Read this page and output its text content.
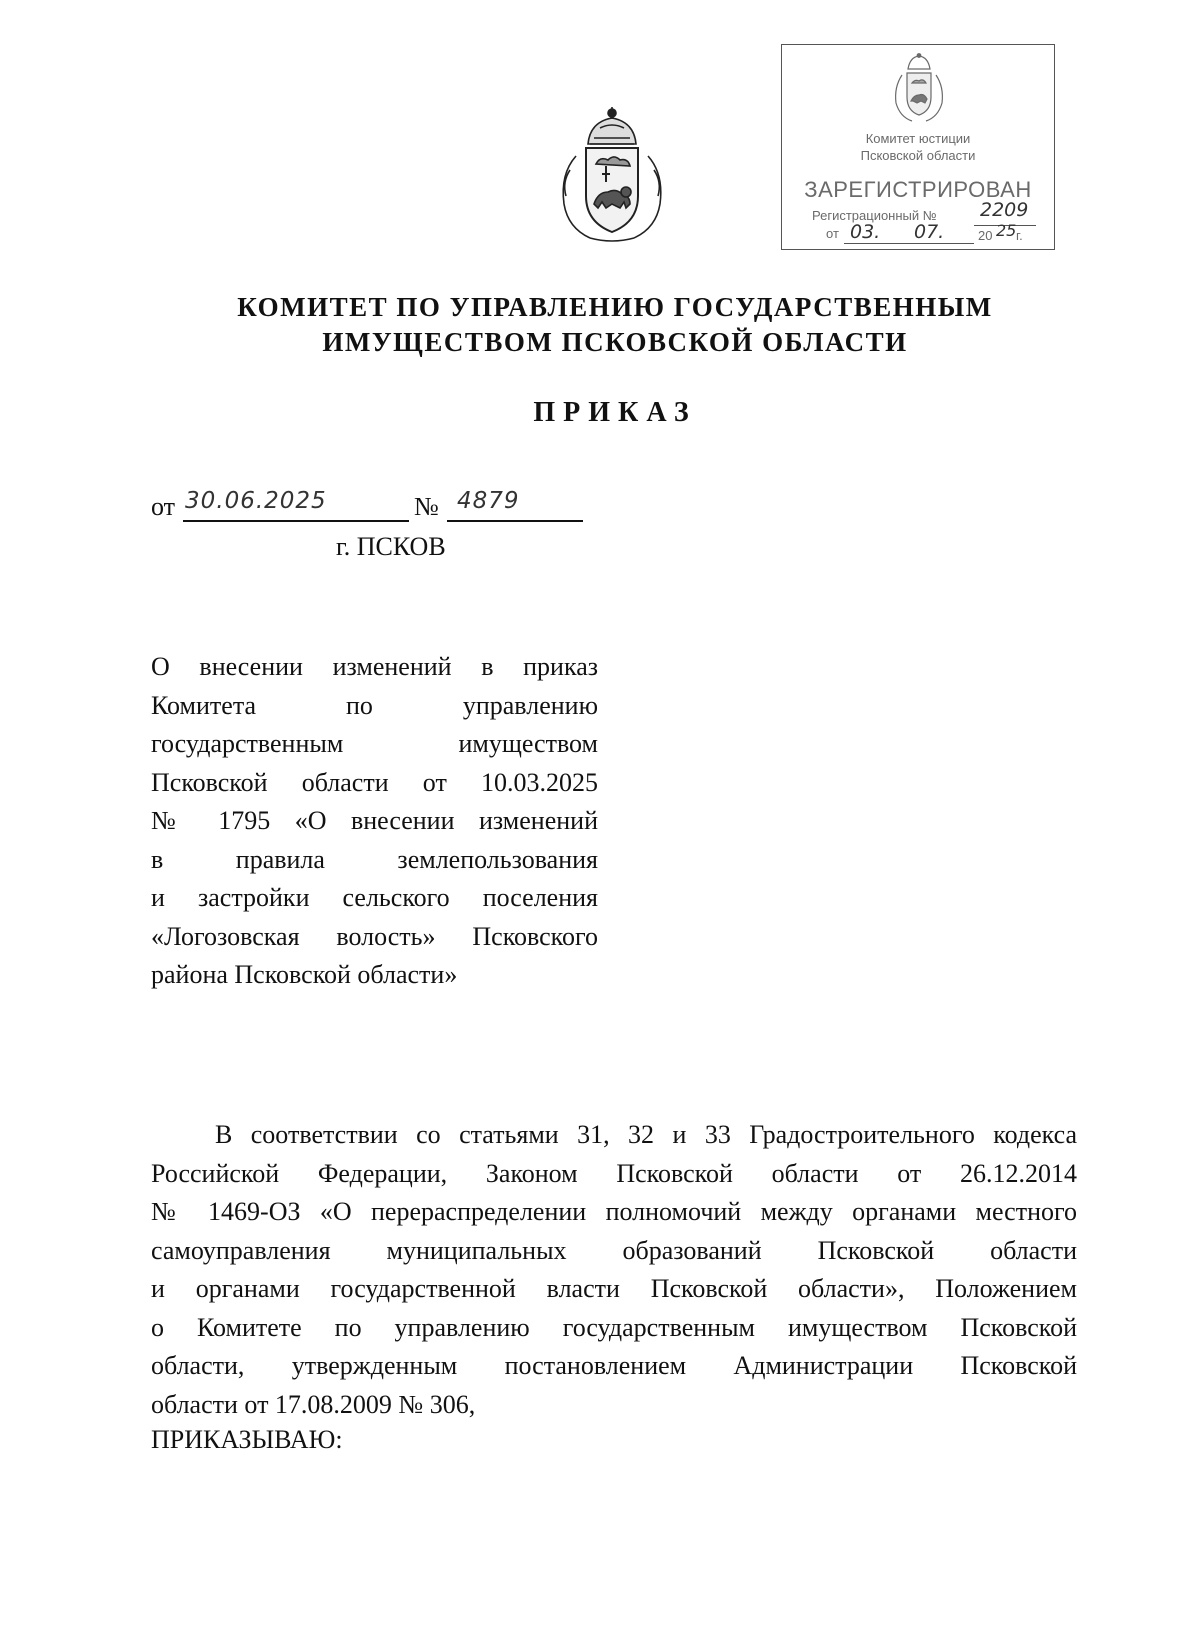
Комитет юстиции
Псковской области
ЗАРЕГИСТРИРОВАН
Регистрационный № 2209
от 03. 07.	20 25 г.
КОМИТЕТ ПО УПРАВЛЕНИЮ ГОСУДАРСТВЕННЫМ
ИМУЩЕСТВОМ ПСКОВСКОЙ ОБЛАСТИ
ПРИКАЗ
от 30.06.2025	№ 4879
г. ПСКОВ
О внесении изменений в приказ
Комитета по управлению
государственным имуществом
Псковской области от 10.03.2025
№ 1795 «О внесении изменений
в правила землепользования
и застройки сельского поселения
«Логозовская волость» Псковского
района Псковской области»
В соответствии со статьями 31, 32 и 33 Градостроительного кодекса
Российской Федерации, Законом Псковской области от 26.12.2014
№ 1469-ОЗ «О перераспределении полномочий между органами местного
самоуправления муниципальных образований Псковской области
и органами государственной власти Псковской области», Положением
о Комитете по управлению государственным имуществом Псковской
области, утвержденным постановлением Администрации Псковской
области от 17.08.2009 № 306,
ПРИКАЗЫВАЮ:
